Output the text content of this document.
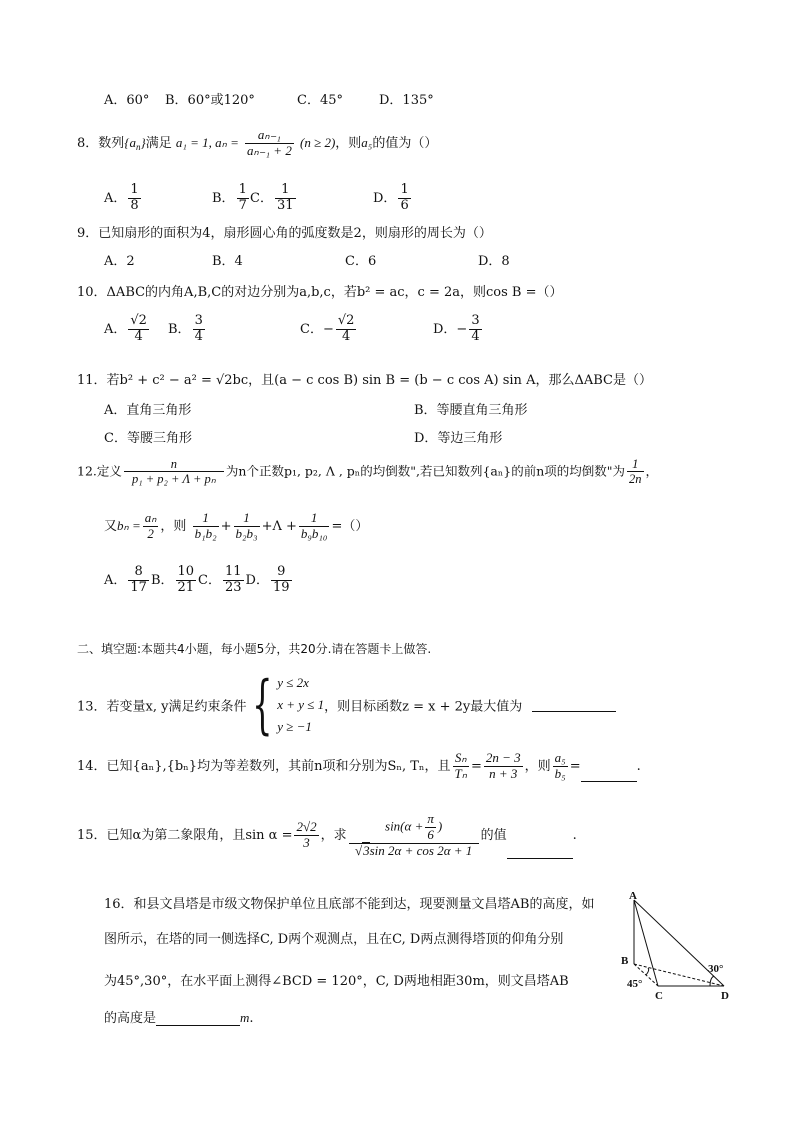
A．60° B．60°或120°	C．45°	D．135°
8．数列$\{a_n\}$满足 a₁ = 1, $a_n = \frac{\text{aₙ₋₁}}{\text{aₙ₋₁ + 2}} (n \ge 2)$，则a₅的值为（）
A． $\frac{1}{8}$	B． $\frac{1}{7}$ C． $\frac{1}{31}$	D． $\frac{1}{6}$
9．已知扇形的面积为4，扇形圆心角的弧度数是2，则扇形的周长为（）
A．2	B．4	C．6	D．8
10．ΔABC的内角A,B,C的对边分别为a,b,c，若b² = ac，c = 2a，则cos B =（）
A． $\frac{√2}{4}$ B． $\frac{3}{4}$	C．− $\frac{√2}{4}$	D．− $\frac{3}{4}$
11．若b² + c² − a² = √2bc，且(a − c cos B) sin B = (b − c cos A) sin A，那么ΔABC是（）
A．直角三角形	B．等腰直角三角形
C．等腰三角形	D．等边三角形
12.定义 $\frac{n}{\text{p₁ + p₂ + Λ + pₙ}}$ 为n个正数p₁, p₂, Λ , pₙ的均倒数",若已知数列{aₙ}的前n项的均倒数"为 $\frac{1}{2n}$ ，
又$b_n = \frac{\text{aₙ}}{2}$ ，则 $\frac{1}{\text{b₁b₂}} + \frac{1}{\text{b₂b₃}} +\Lambda + \frac{1}{\text{b₉b₁₀}}$ =（）
A． $\frac{8}{17}$ B． $\frac{10}{21}$ C． $\frac{11}{23}$ D． $\frac{9}{19}$
二、填空题:本题共4小题，每小题5分，共20分.请在答题卡上做答.
13．若变量x, y满足约束条件{ y ≤ 2x
x + y ≤ 1
y ≥ −1
，则目标函数z = x + 2y最大值为
14．已知{aₙ},{bₙ}均为等差数列，其前n项和分别为Sₙ, Tₙ，且 $\frac{\text{Sₙ}}{\text{Tₙ}} = \frac{2n - 3}{n + 3}$ ，则 $\frac{\text{a₅}}{\text{b₅}}$ =	.
15．已知α为第二象限角，且$\sin \alpha = \frac{2√2}{3}$ ，求 $\frac{\sin(\alpha + \frac{\pi}{6} )}{√3\sin 2\alpha + \cos 2\alpha + 1}$ 的值	.
16．和县文昌塔是市级文物保护单位且底部不能到达，现要测量文昌塔AB的高度，如
图所示，在塔的同一侧选择C, D两个观测点，且在C, D两点测得塔顶的仰角分别
为45°,30°，在水平面上测得∠BCD = 120°，C, D两地相距30m，则文昌塔AB
的高度是	m.
A
B
C	D
45°
30°
